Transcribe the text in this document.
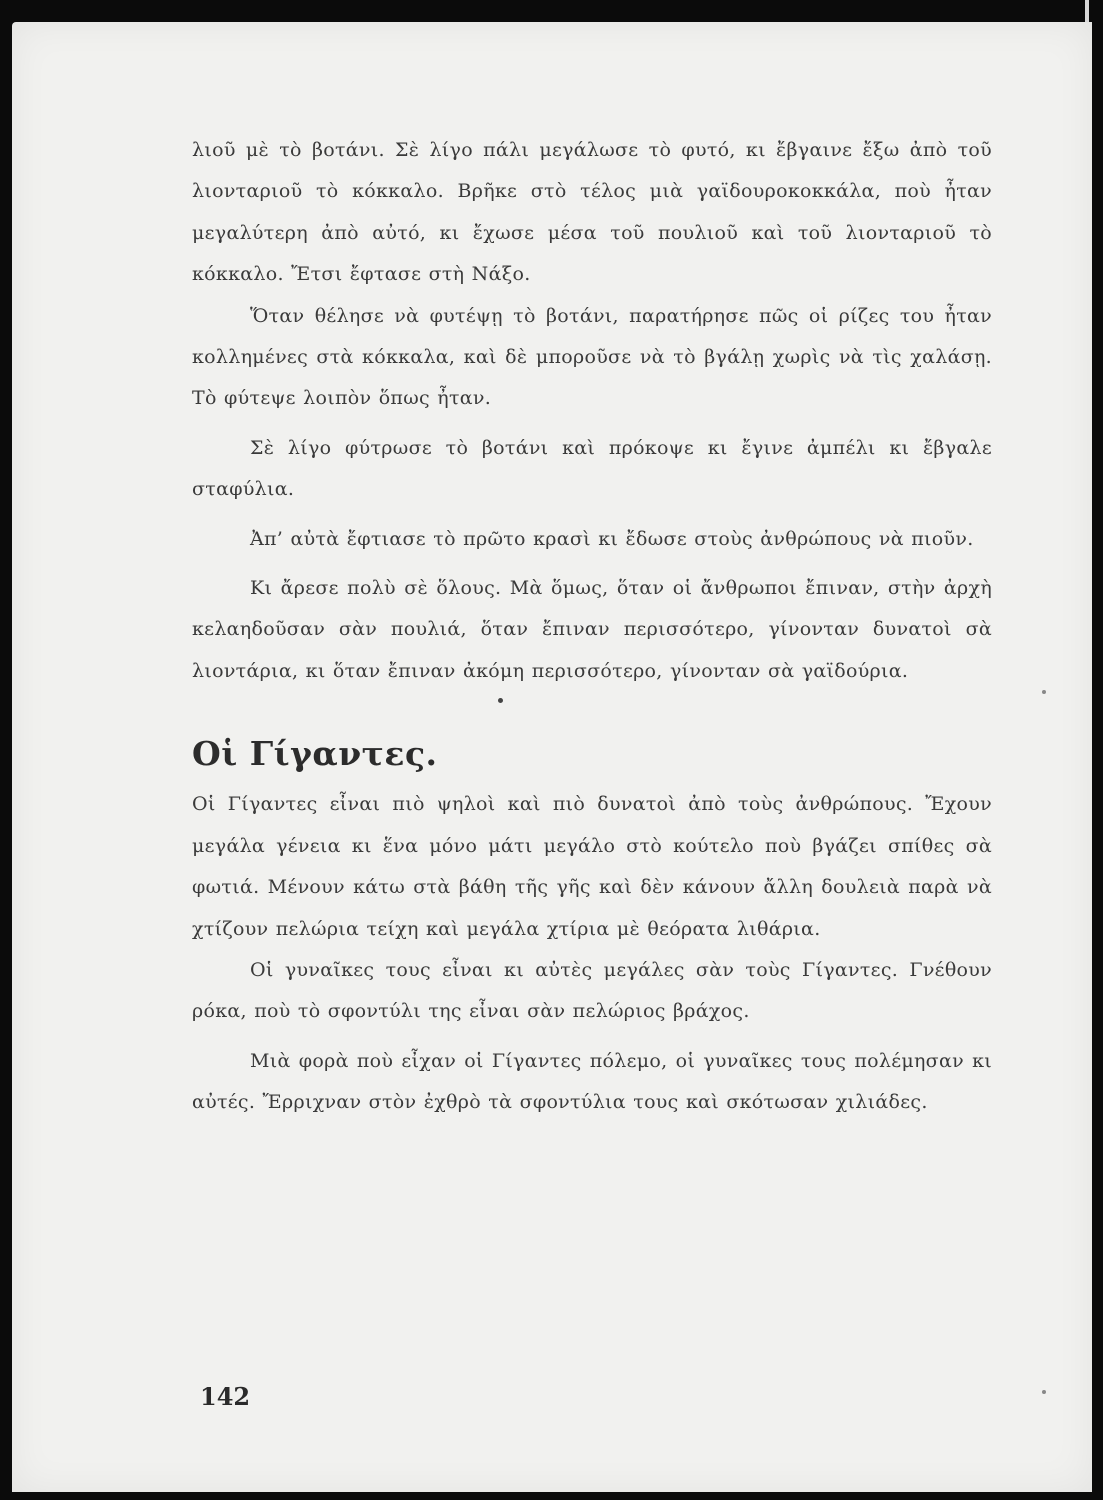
λιοῦ μὲ τὸ βοτάνι. Σὲ λίγο πάλι μεγάλωσε τὸ φυτό, κι ἔβγαινε ἔξω ἀπὸ τοῦ λιονταριοῦ τὸ κόκκαλο. Βρῆκε στὸ τέλος μιὰ γαϊδουροκοκκάλα, ποὺ ἦταν μεγαλύτερη ἀπὸ αὐτό, κι ἔχωσε μέσα τοῦ πουλιοῦ καὶ τοῦ λιονταριοῦ τὸ κόκκαλο. Ἔτσι ἔφτασε στὴ Νάξο.

Ὅταν θέλησε νὰ φυτέψῃ τὸ βοτάνι, παρατήρησε πῶς οἱ ρίζες του ἦταν κολλημένες στὰ κόκκαλα, καὶ δὲ μποροῦσε νὰ τὸ βγάλῃ χωρὶς νὰ τὶς χαλάσῃ. Τὸ φύτεψε λοιπὸν ὅπως ἦταν.

Σὲ λίγο φύτρωσε τὸ βοτάνι καὶ πρόκοψε κι ἔγινε ἀμπέλι κι ἔβγαλε σταφύλια.

Ἀπ’ αὐτὰ ἔφτιασε τὸ πρῶτο κρασὶ κι ἔδωσε στοὺς ἀνθρώπους νὰ πιοῦν.

Κι ἄρεσε πολὺ σὲ ὅλους. Μὰ ὅμως, ὅταν οἱ ἄνθρωποι ἔπιναν, στὴν ἀρχὴ κελαηδοῦσαν σὰν πουλιά, ὅταν ἔπιναν περισσότερο, γίνονταν δυνατοὶ σὰ λιοντάρια, κι ὅταν ἔπιναν ἀκόμη περισσότερο, γίνονταν σὰ γαϊδούρια.

Οἱ Γίγαντες.

Οἱ Γίγαντες εἶναι πιὸ ψηλοὶ καὶ πιὸ δυνατοὶ ἀπὸ τοὺς ἀνθρώπους. Ἔχουν μεγάλα γένεια κι ἕνα μόνο μάτι μεγάλο στὸ κούτελο ποὺ βγάζει σπίθες σὰ φωτιά. Μένουν κάτω στὰ βάθη τῆς γῆς καὶ δὲν κάνουν ἄλλη δουλειὰ παρὰ νὰ χτίζουν πελώρια τείχη καὶ μεγάλα χτίρια μὲ θεόρατα λιθάρια.

Οἱ γυναῖκες τους εἶναι κι αὐτὲς μεγάλες σὰν τοὺς Γίγαντες. Γνέθουν ρόκα, ποὺ τὸ σφοντύλι της εἶναι σὰν πελώριος βράχος.

Μιὰ φορὰ ποὺ εἶχαν οἱ Γίγαντες πόλεμο, οἱ γυναῖκες τους πολέμησαν κι αὐτές. Ἔρριχναν στὸν ἐχθρὸ τὰ σφοντύλια τους καὶ σκότωσαν χιλιάδες.

142
